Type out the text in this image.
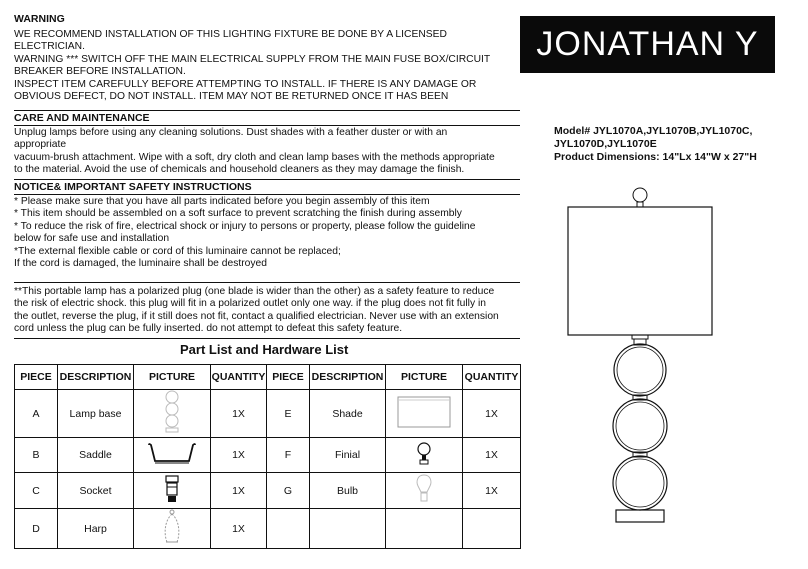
WARNING
WE RECOMMEND INSTALLATION OF THIS LIGHTING FIXTURE BE DONE BY A LICENSED
ELECTRICIAN.
WARNING *** SWITCH OFF THE MAIN ELECTRICAL SUPPLY FROM THE MAIN FUSE BOX/CIRCUIT
BREAKER BEFORE INSTALLATION.
INSPECT ITEM CAREFULLY BEFORE ATTEMPTING TO INSTALL. IF THERE IS ANY DAMAGE OR
OBVIOUS DEFECT, DO NOT INSTALL. ITEM MAY NOT BE RETURNED ONCE IT HAS BEEN
CARE AND MAINTENANCE
Unplug lamps before using any cleaning solutions. Dust shades with a feather duster or with an
appropriate
vacuum-brush attachment. Wipe with a soft, dry cloth and clean lamp bases with the methods appropriate
to the material. Avoid the use of chemicals and household cleaners as they may damage the finish.
NOTICE& IMPORTANT SAFETY INSTRUCTIONS
* Please make sure that you have all parts indicated before you begin assembly of this item
* This item should be assembled on a soft surface to prevent scratching the finish during assembly
* To reduce the risk of fire, electrical shock or injury to persons or property, please follow the guideline
below for safe use and installation
*The external flexible cable or cord of this luminaire cannot be replaced;
If the cord is damaged, the luminaire shall be destroyed
**This portable lamp has a polarized plug (one blade is wider than the other) as a safety feature to reduce
the risk of electric shock. this plug will fit in a polarized outlet only one way. if the plug does not fit fully in
the outlet, reverse the plug, if it still does not fit, contact a qualified electrician. Never use with an extension
cord unless the plug can be fully inserted. do not attempt to defeat this safety feature.
Part List and Hardware List
PIECE	DESCRIPTION	PICTURE	QUANTITY	PIECE	DESCRIPTION	PICTURE	QUANTITY
A	Lamp base		1X	E	Shade		1X
B	Saddle		1X	F	Finial		1X
C	Socket		1X	G	Bulb		1X
D	Harp		1X				
JONATHAN Y
Model# JYL1070A,JYL1070B,JYL1070C,
JYL1070D,JYL1070E
Product Dimensions: 14"Lx 14"W x 27"H
